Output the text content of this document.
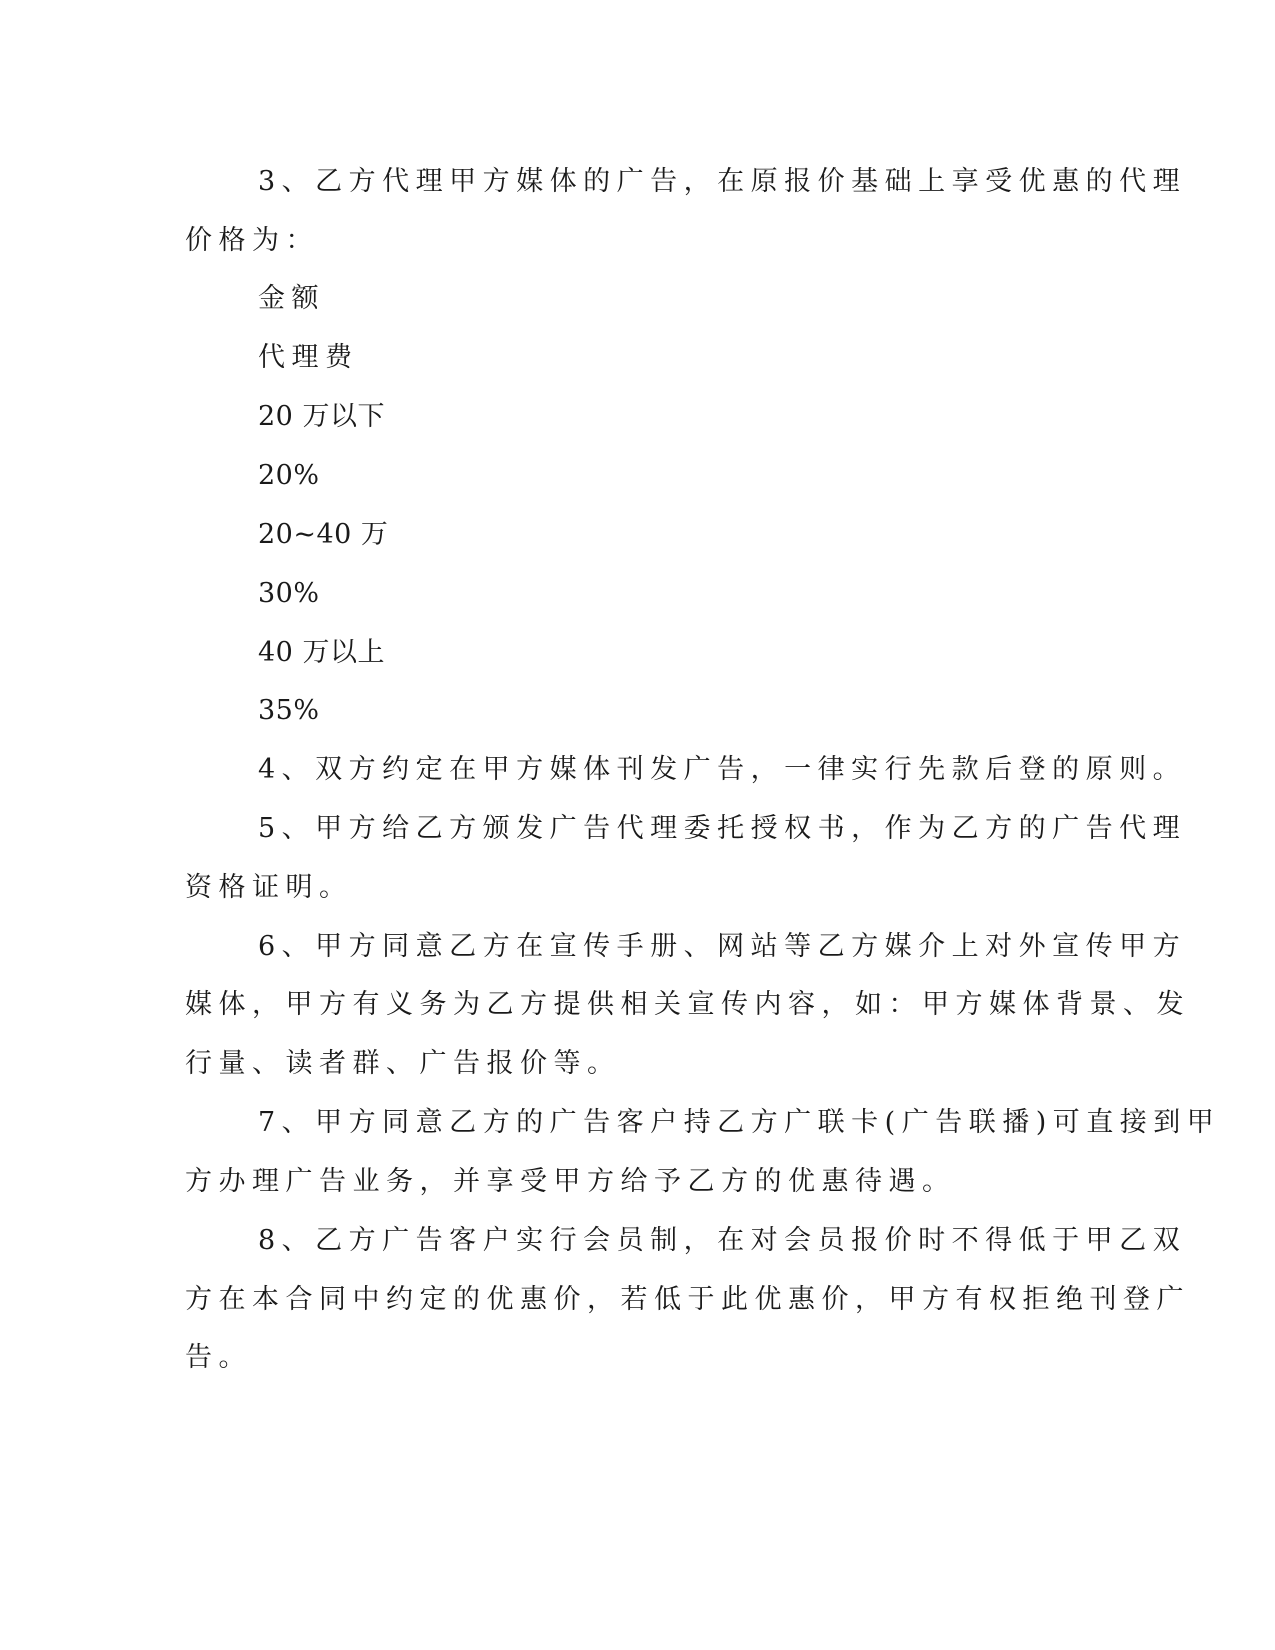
3、乙方代理甲方媒体的广告，在原报价基础上享受优惠的代理
价格为：
金额
代理费
20 万以下
20%
20~40 万
30%
40 万以上
35%
4、双方约定在甲方媒体刊发广告，一律实行先款后登的原则。
5、甲方给乙方颁发广告代理委托授权书，作为乙方的广告代理
资格证明。
6、甲方同意乙方在宣传手册、网站等乙方媒介上对外宣传甲方
媒体，甲方有义务为乙方提供相关宣传内容，如：甲方媒体背景、发
行量、读者群、广告报价等。
7、甲方同意乙方的广告客户持乙方广联卡(广告联播)可直接到甲
方办理广告业务，并享受甲方给予乙方的优惠待遇。
8、乙方广告客户实行会员制，在对会员报价时不得低于甲乙双
方在本合同中约定的优惠价，若低于此优惠价，甲方有权拒绝刊登广
告。
